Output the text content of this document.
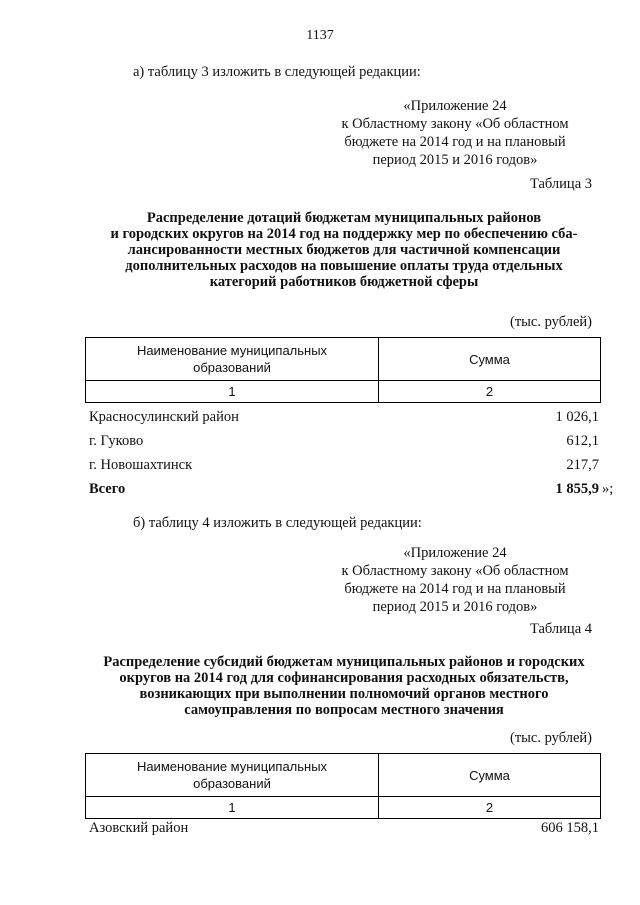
1137
а) таблицу 3 изложить в следующей редакции:
«Приложение 24
к Областному закону «Об областном
бюджете на 2014 год и на плановый
период 2015 и 2016 годов»
Таблица 3
Распределение дотаций бюджетам муниципальных районов
и городских округов на 2014 год на поддержку мер по обеспечению сба-
лансированности местных бюджетов для частичной компенсации
дополнительных расходов на повышение оплаты труда отдельных
категорий работников бюджетной сферы
(тыс. рублей)
Наименование муниципальных
образований	Сумма
1	2
Красносулинский район	1 026,1
г. Гуково	612,1
г. Новошахтинск	217,7
Всего	1 855,9 »;
б) таблицу 4 изложить в следующей редакции:
«Приложение 24
к Областному закону «Об областном
бюджете на 2014 год и на плановый
период 2015 и 2016 годов»
Таблица 4
Распределение субсидий бюджетам муниципальных районов и городских
округов на 2014 год для софинансирования расходных обязательств,
возникающих при выполнении полномочий органов местного
самоуправления по вопросам местного значения
(тыс. рублей)
Наименование муниципальных
образований	Сумма
1	2
Азовский район	606 158,1
